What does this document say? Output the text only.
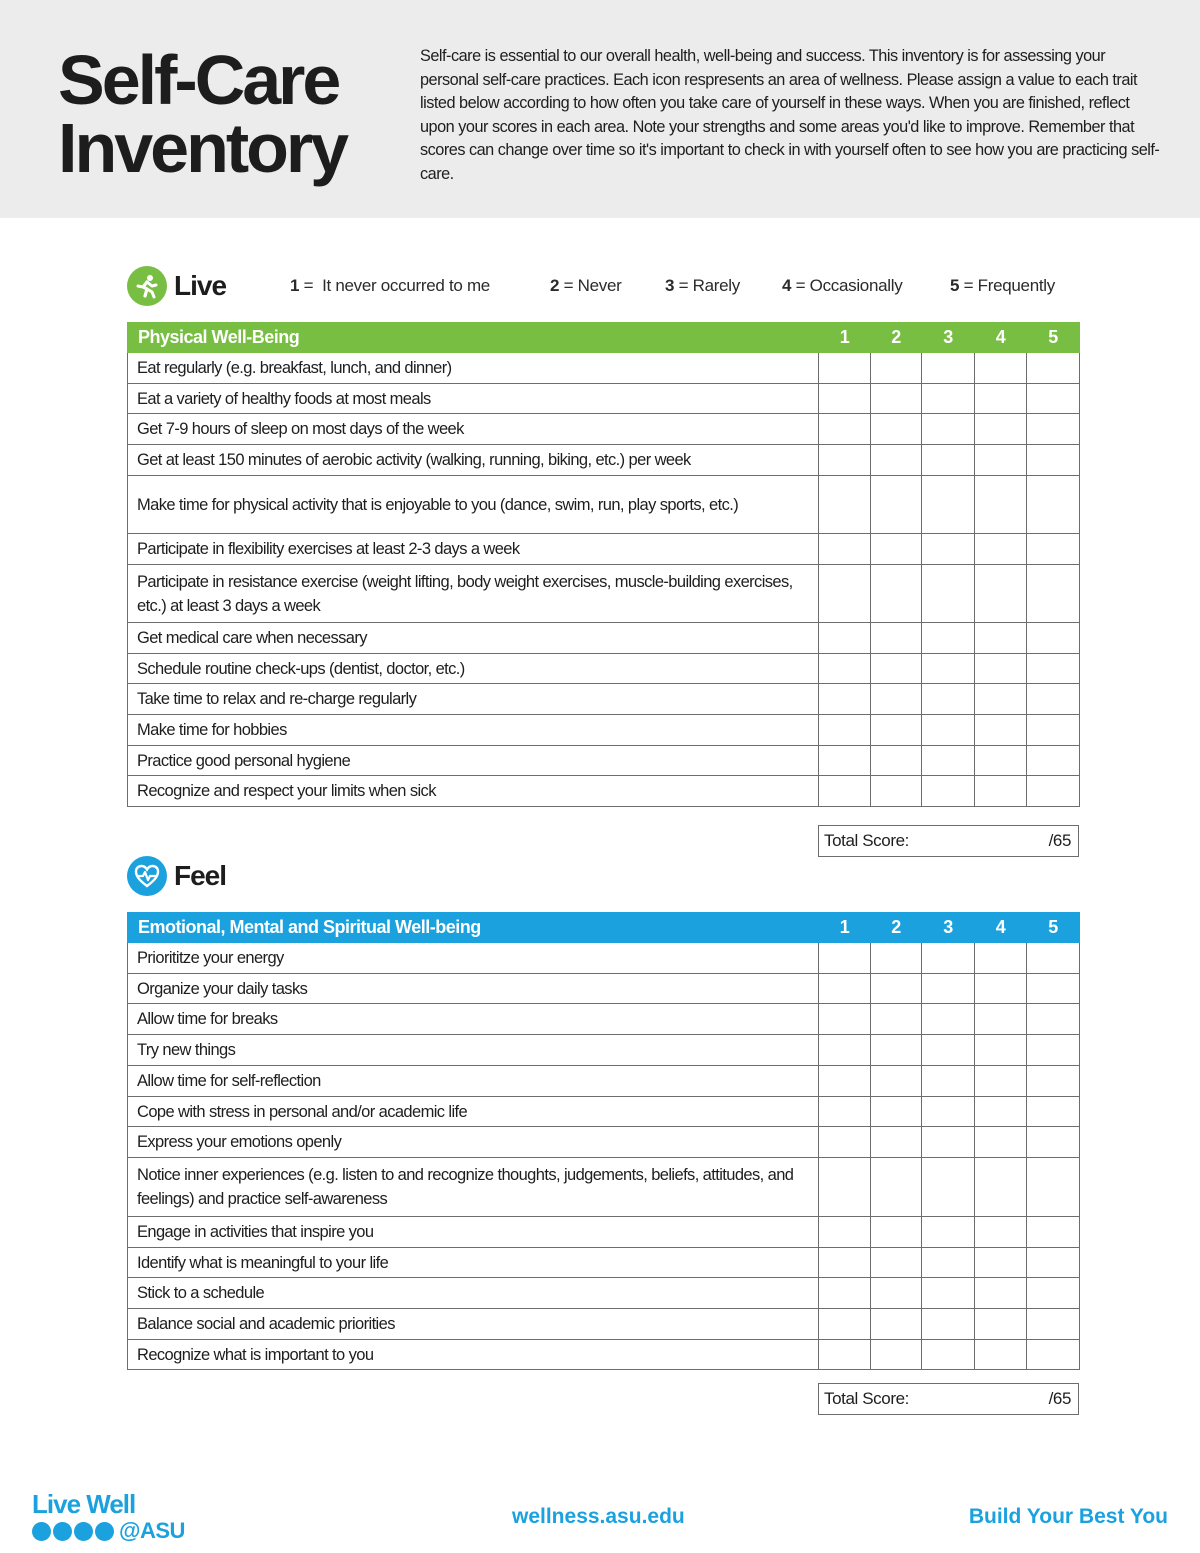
Self-Care
Inventory
Self-care is essential to our overall health, well-being and success. This inventory is for assessing your personal self-care practices. Each icon respresents an area of wellness. Please assign a value to each trait listed below according to how often you take care of yourself in these ways. When you are finished, reflect upon your scores in each area. Note your strengths and some areas you'd like to improve. Remember that scores can change over time so it's important to check in with yourself often to see how you are practicing self-care.
Live	1 =  It never occurred to me	2 = Never	3 = Rarely 4 = Occasionally	5 = Frequently
Physical Well-Being	1	2	3	4	5
Eat regularly (e.g. breakfast, lunch, and dinner)					
Eat a variety of healthy foods at most meals					
Get 7-9 hours of sleep on most days of the week					
Get at least 150 minutes of aerobic activity (walking, running, biking, etc.) per week					
Make time for physical activity that is enjoyable to you (dance, swim, run, play sports, etc.)					
Participate in flexibility exercises at least 2-3 days a week					
Participate in resistance exercise (weight lifting, body weight exercises, muscle-building exercises, etc.) at least 3 days a week					
Get medical care when necessary					
Schedule routine check-ups (dentist, doctor, etc.)					
Take time to relax and re-charge regularly					
Make time for hobbies					
Practice good personal hygiene					
Recognize and respect your limits when sick					
Total Score:	/65
Feel
Emotional, Mental and Spiritual Well-being	1	2	3	4	5
Priorititze your energy					
Organize your daily tasks					
Allow time for breaks					
Try new things					
Allow time for self-reflection					
Cope with stress in personal and/or academic life					
Express your emotions openly					
Notice inner experiences (e.g. listen to and recognize thoughts, judgements, beliefs, attitudes, and feelings) and practice self-awareness					
Engage in activities that inspire you					
Identify what is meaningful to your life					
Stick to a schedule					
Balance social and academic priorities					
Recognize what is important to you					
Total Score:	/65
Live Well
@ASU
wellness.asu.edu	Build Your Best You
